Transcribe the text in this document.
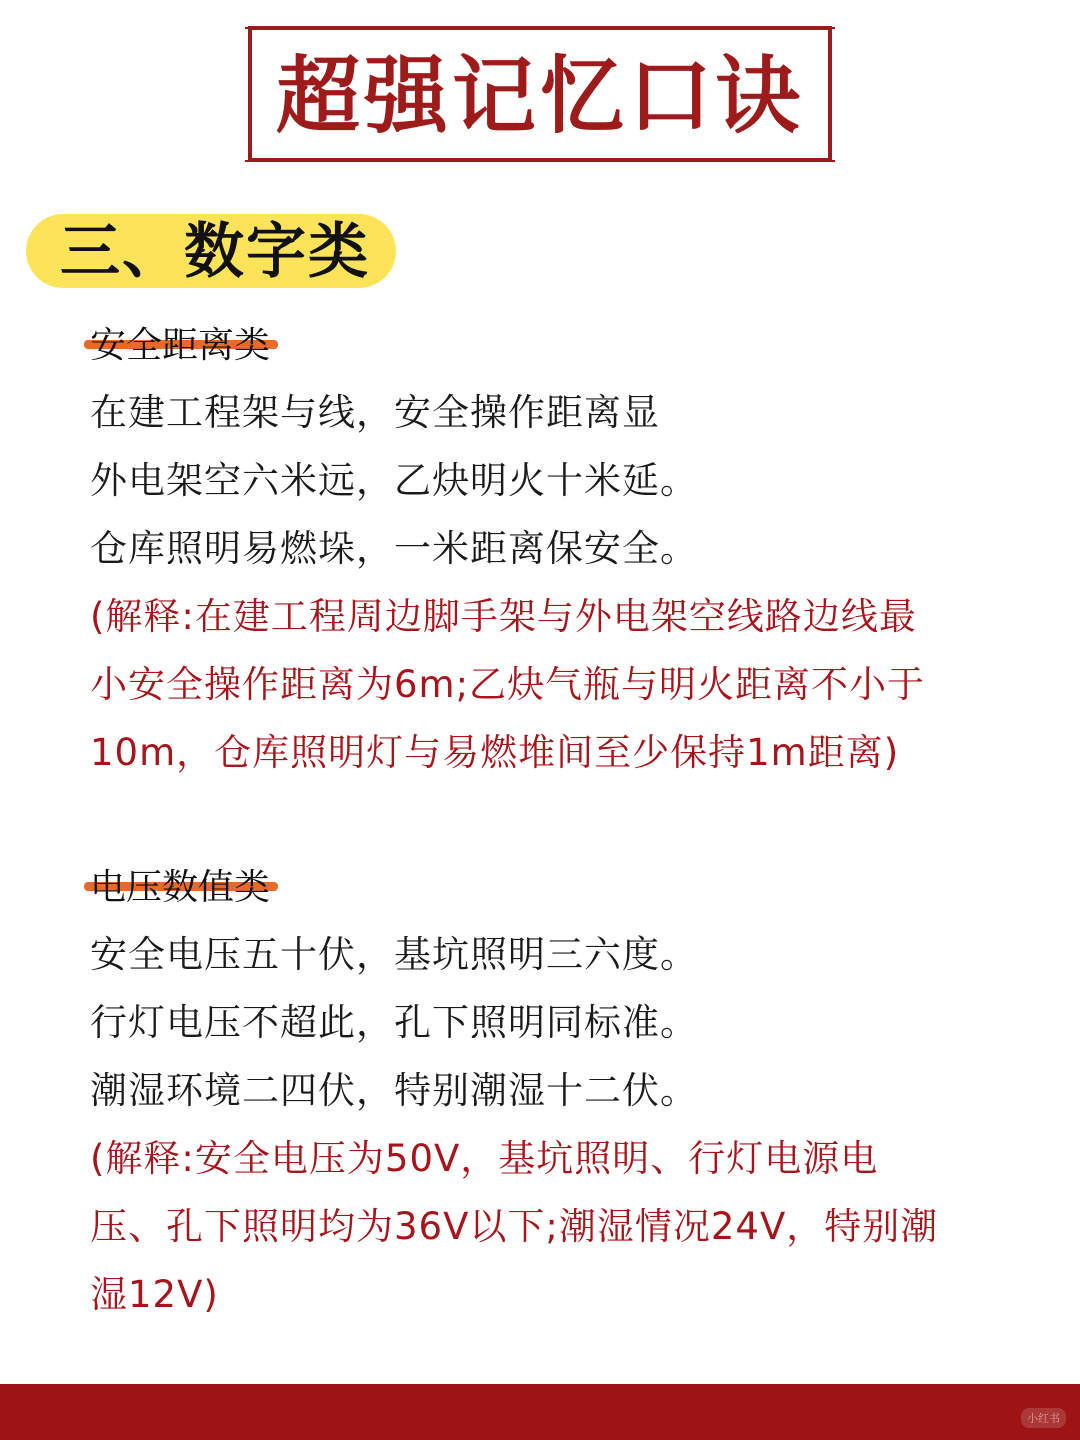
超强记忆口诀
三、数字类
安全距离类
在建工程架与线，安全操作距离显
外电架空六米远，乙炔明火十米延。
仓库照明易燃垛，一米距离保安全。
(解释:在建工程周边脚手架与外电架空线路边线最
小安全操作距离为6m;乙炔气瓶与明火距离不小于
10m，仓库照明灯与易燃堆间至少保持1m距离)
电压数值类
安全电压五十伏，基坑照明三六度。
行灯电压不超此，孔下照明同标准。
潮湿环境二四伏，特别潮湿十二伏。
(解释:安全电压为50V，基坑照明、行灯电源电
压、孔下照明均为36V以下;潮湿情况24V，特别潮
湿12V)
小红书
